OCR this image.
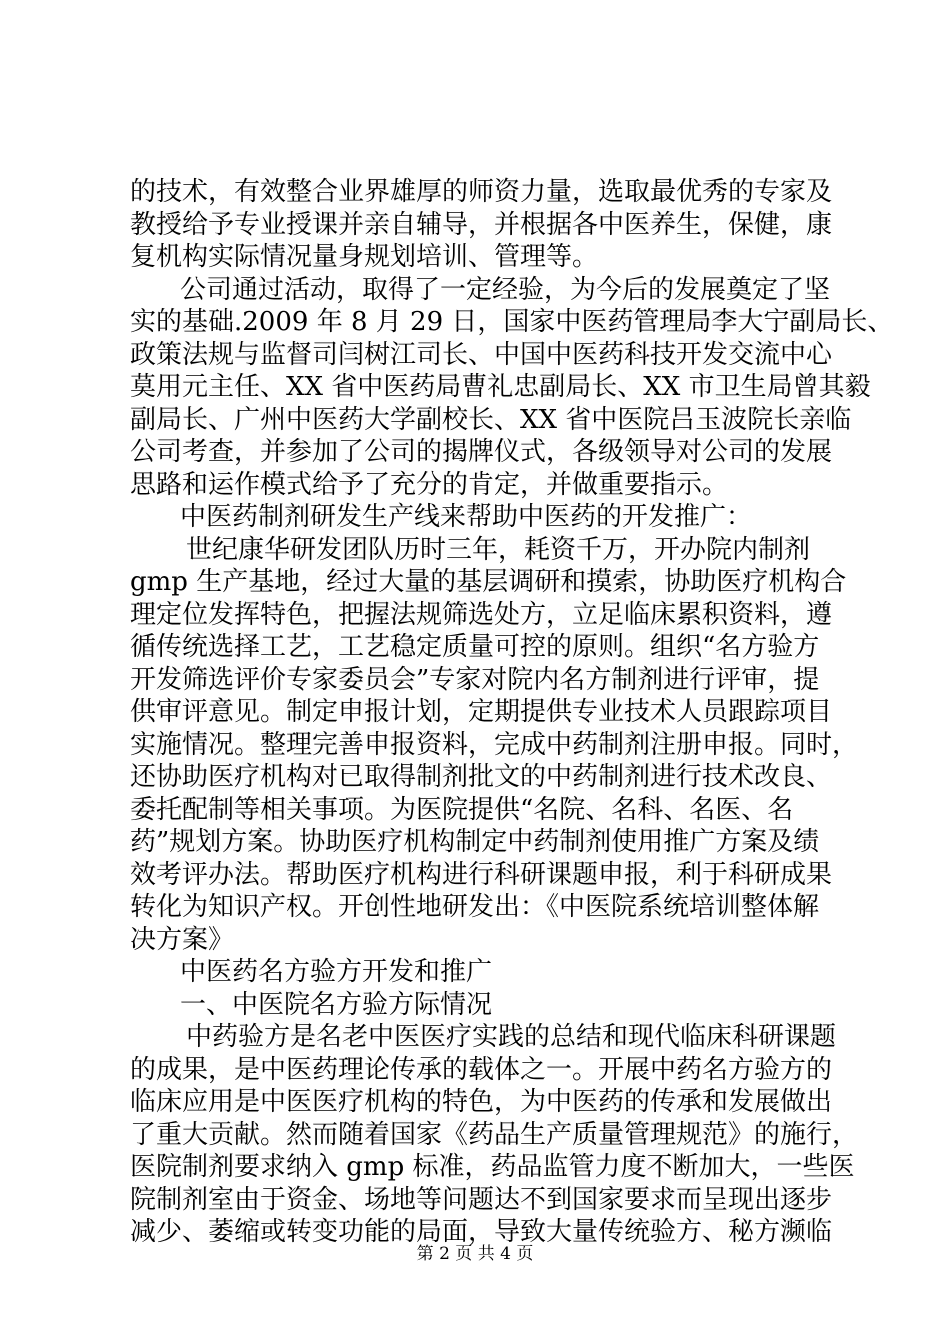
的技术，有效整合业界雄厚的师资力量，选取最优秀的专家及
教授给予专业授课并亲自辅导，并根据各中医养生，保健，康
复机构实际情况量身规划培训、管理等。
公司通过活动，取得了一定经验，为今后的发展奠定了坚
实的基础.2009 年 8 月 29 日，国家中医药管理局李大宁副局长、
政策法规与监督司闫树江司长、中国中医药科技开发交流中心
莫用元主任、XX 省中医药局曹礼忠副局长、XX 市卫生局曾其毅
副局长、广州中医药大学副校长、XX 省中医院吕玉波院长亲临
公司考查，并参加了公司的揭牌仪式，各级领导对公司的发展
思路和运作模式给予了充分的肯定，并做重要指示。
中医药制剂研发生产线来帮助中医药的开发推广：
世纪康华研发团队历时三年，耗资千万，开办院内制剂
gmp 生产基地，经过大量的基层调研和摸索，协助医疗机构合
理定位发挥特色，把握法规筛选处方，立足临床累积资料，遵
循传统选择工艺，工艺稳定质量可控的原则。组织“名方验方
开发筛选评价专家委员会”专家对院内名方制剂进行评审，提
供审评意见。制定申报计划，定期提供专业技术人员跟踪项目
实施情况。整理完善申报资料，完成中药制剂注册申报。同时，
还协助医疗机构对已取得制剂批文的中药制剂进行技术改良、
委托配制等相关事项。为医院提供“名院、名科、名医、名
药”规划方案。协助医疗机构制定中药制剂使用推广方案及绩
效考评办法。帮助医疗机构进行科研课题申报，利于科研成果
转化为知识产权。开创性地研发出：《中医院系统培训整体解
决方案》
中医药名方验方开发和推广
一、中医院名方验方际情况
中药验方是名老中医医疗实践的总结和现代临床科研课题
的成果，是中医药理论传承的载体之一。开展中药名方验方的
临床应用是中医医疗机构的特色，为中医药的传承和发展做出
了重大贡献。然而随着国家《药品生产质量管理规范》的施行，
医院制剂要求纳入 gmp 标准，药品监管力度不断加大，一些医
院制剂室由于资金、场地等问题达不到国家要求而呈现出逐步
减少、萎缩或转变功能的局面，导致大量传统验方、秘方濒临
第 2 页 共 4 页
